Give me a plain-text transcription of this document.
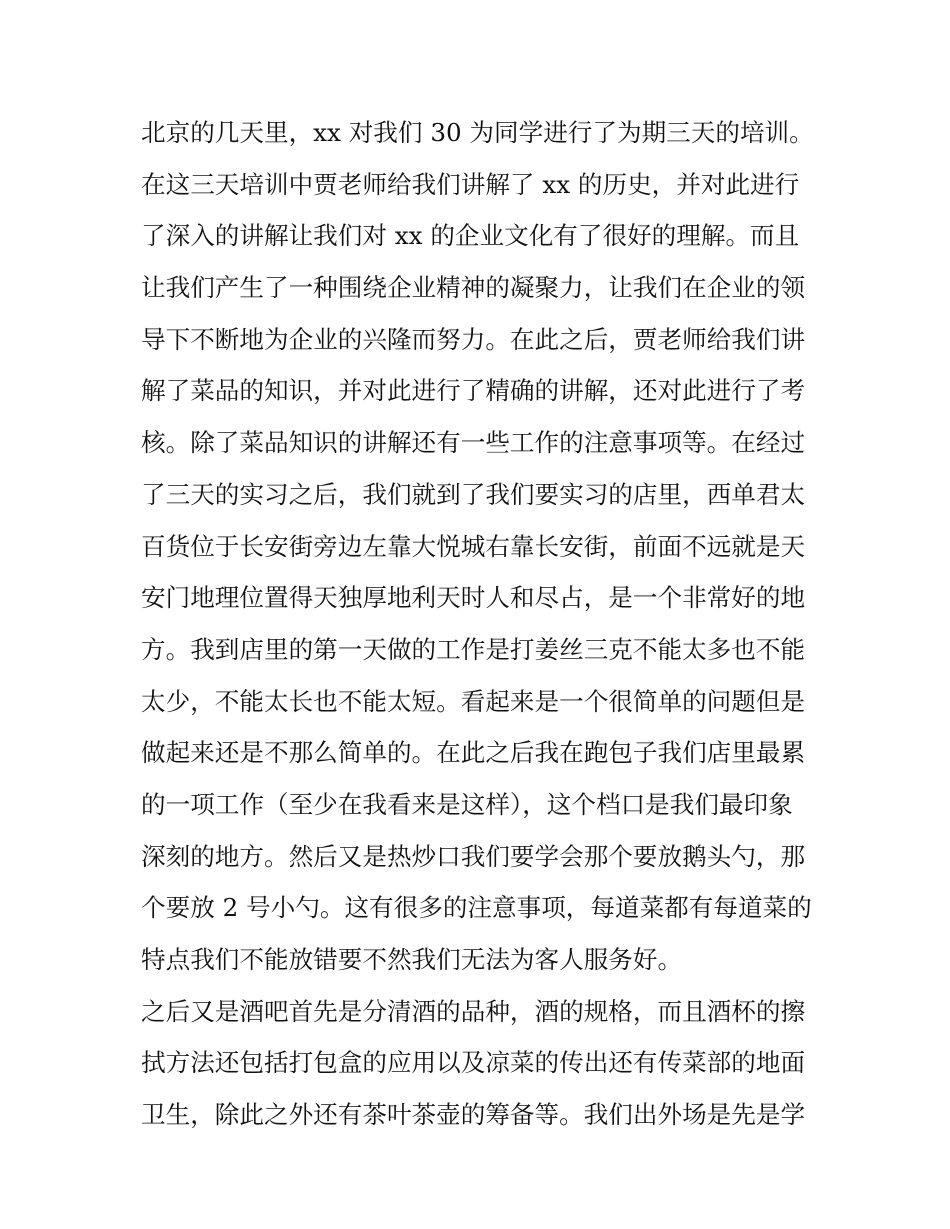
北京的几天里，xx 对我们 30 为同学进行了为期三天的培训。
在这三天培训中贾老师给我们讲解了 xx 的历史，并对此进行
了深入的讲解让我们对 xx 的企业文化有了很好的理解。而且
让我们产生了一种围绕企业精神的凝聚力，让我们在企业的领
导下不断地为企业的兴隆而努力。在此之后，贾老师给我们讲
解了菜品的知识，并对此进行了精确的讲解，还对此进行了考
核。除了菜品知识的讲解还有一些工作的注意事项等。在经过
了三天的实习之后，我们就到了我们要实习的店里，西单君太
百货位于长安街旁边左靠大悦城右靠长安街，前面不远就是天
安门地理位置得天独厚地利天时人和尽占，是一个非常好的地
方。我到店里的第一天做的工作是打姜丝三克不能太多也不能
太少，不能太长也不能太短。看起来是一个很简单的问题但是
做起来还是不那么简单的。在此之后我在跑包子我们店里最累
的一项工作（至少在我看来是这样），这个档口是我们最印象
深刻的地方。然后又是热炒口我们要学会那个要放鹅头勺，那
个要放 2 号小勺。这有很多的注意事项，每道菜都有每道菜的
特点我们不能放错要不然我们无法为客人服务好。
之后又是酒吧首先是分清酒的品种，酒的规格，而且酒杯的擦
拭方法还包括打包盒的应用以及凉菜的传出还有传菜部的地面
卫生，除此之外还有茶叶茶壶的筹备等。我们出外场是先是学
